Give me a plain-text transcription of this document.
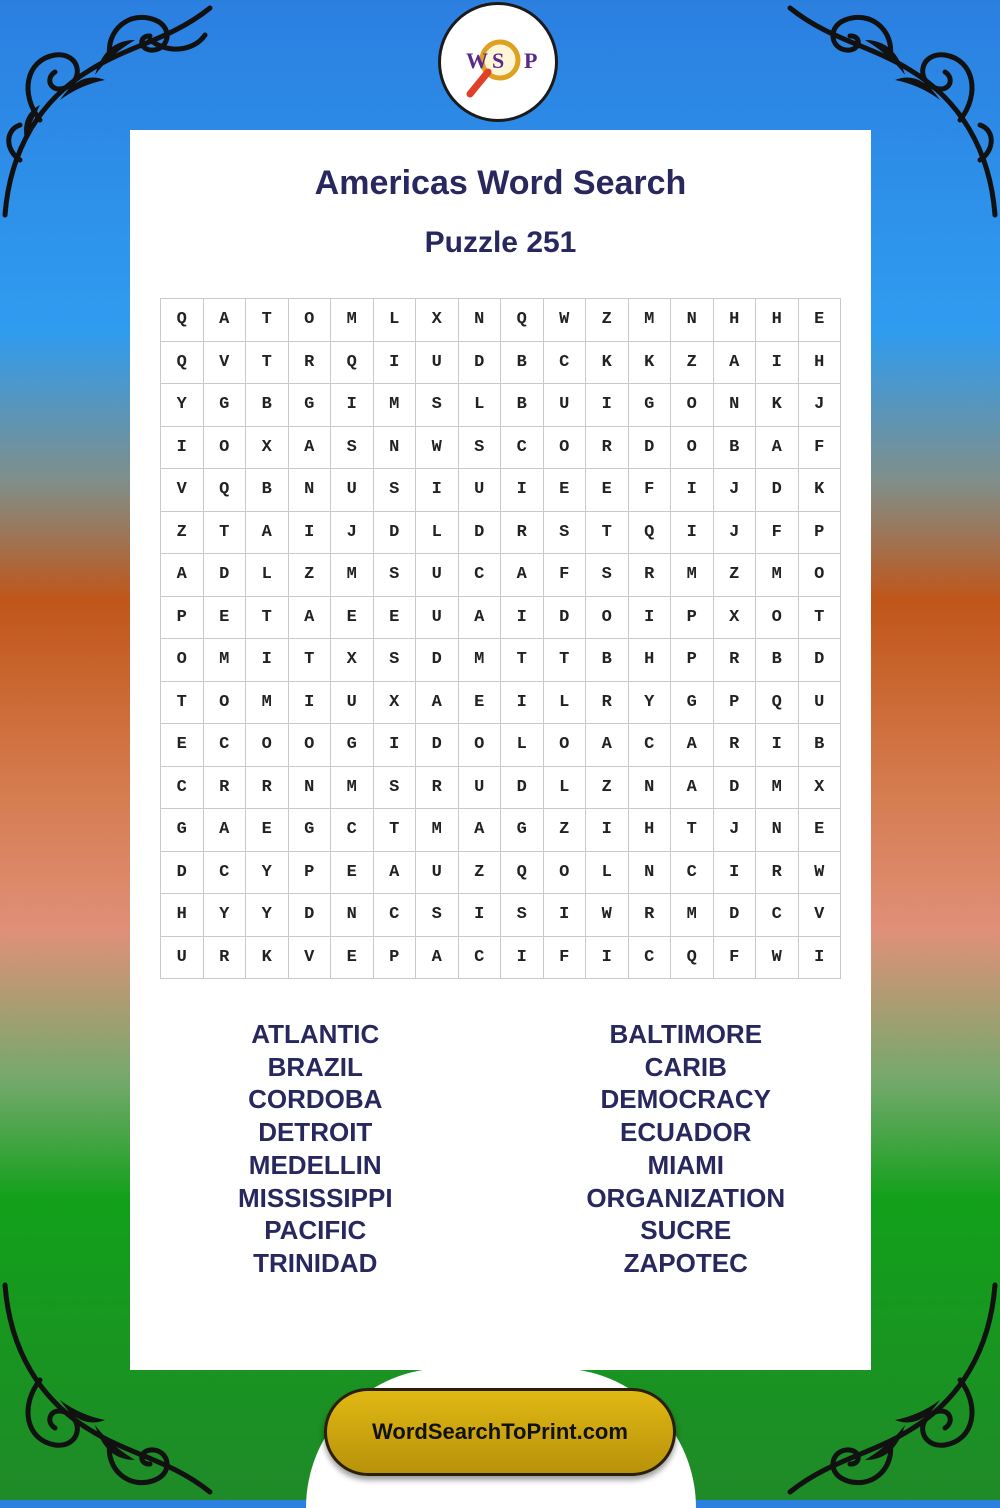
W S P
Americas Word Search
Puzzle 251
Q	A	T	O	M	L	X	N	Q	W	Z	M	N	H	H	E
Q	V	T	R	Q	I	U	D	B	C	K	K	Z	A	I	H
Y	G	B	G	I	M	S	L	B	U	I	G	O	N	K	J
I	O	X	A	S	N	W	S	C	O	R	D	O	B	A	F
V	Q	B	N	U	S	I	U	I	E	E	F	I	J	D	K
Z	T	A	I	J	D	L	D	R	S	T	Q	I	J	F	P
A	D	L	Z	M	S	U	C	A	F	S	R	M	Z	M	O
P	E	T	A	E	E	U	A	I	D	O	I	P	X	O	T
O	M	I	T	X	S	D	M	T	T	B	H	P	R	B	D
T	O	M	I	U	X	A	E	I	L	R	Y	G	P	Q	U
E	C	O	O	G	I	D	O	L	O	A	C	A	R	I	B
C	R	R	N	M	S	R	U	D	L	Z	N	A	D	M	X
G	A	E	G	C	T	M	A	G	Z	I	H	T	J	N	E
D	C	Y	P	E	A	U	Z	Q	O	L	N	C	I	R	W
H	Y	Y	D	N	C	S	I	S	I	W	R	M	D	C	V
U	R	K	V	E	P	A	C	I	F	I	C	Q	F	W	I
ATLANTIC
BRAZIL
CORDOBA
DETROIT
MEDELLIN
MISSISSIPPI
PACIFIC
TRINIDAD
BALTIMORE
CARIB
DEMOCRACY
ECUADOR
MIAMI
ORGANIZATION
SUCRE
ZAPOTEC
WordSearchToPrint.com
